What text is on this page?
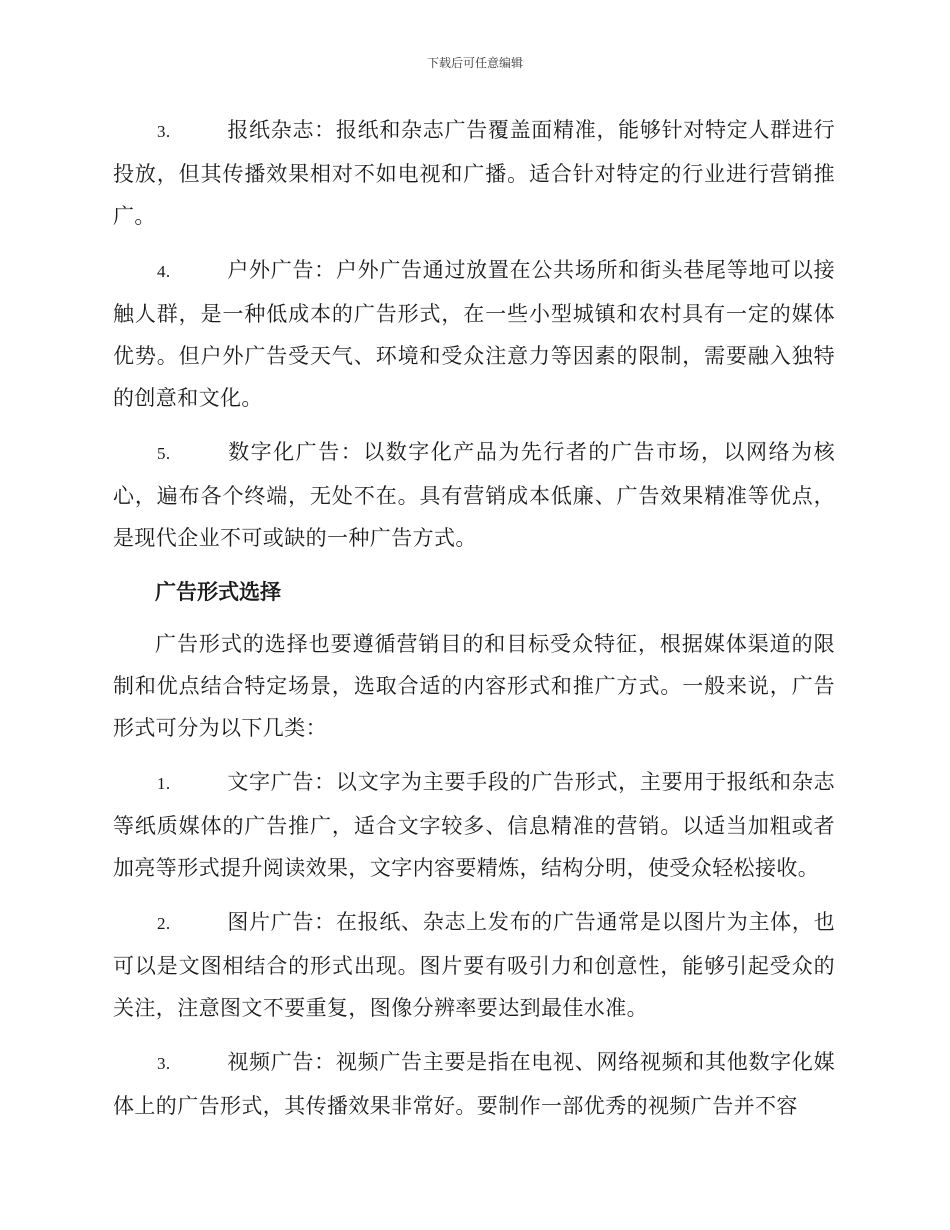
下载后可任意编辑

3.	报纸杂志：报纸和杂志广告覆盖面精准，能够针对特定人群进行投放，但其传播效果相对不如电视和广播。适合针对特定的行业进行营销推广。

4.	户外广告：户外广告通过放置在公共场所和街头巷尾等地可以接触人群，是一种低成本的广告形式，在一些小型城镇和农村具有一定的媒体优势。但户外广告受天气、环境和受众注意力等因素的限制，需要融入独特的创意和文化。

5.	数字化广告：以数字化产品为先行者的广告市场，以网络为核心，遍布各个终端，无处不在。具有营销成本低廉、广告效果精准等优点，是现代企业不可或缺的一种广告方式。

广告形式选择

广告形式的选择也要遵循营销目的和目标受众特征，根据媒体渠道的限制和优点结合特定场景，选取合适的内容形式和推广方式。一般来说，广告形式可分为以下几类：

1.	文字广告：以文字为主要手段的广告形式，主要用于报纸和杂志等纸质媒体的广告推广，适合文字较多、信息精准的营销。以适当加粗或者加亮等形式提升阅读效果，文字内容要精炼，结构分明，使受众轻松接收。

2.	图片广告：在报纸、杂志上发布的广告通常是以图片为主体，也可以是文图相结合的形式出现。图片要有吸引力和创意性，能够引起受众的关注，注意图文不要重复，图像分辨率要达到最佳水准。

3.	视频广告：视频广告主要是指在电视、网络视频和其他数字化媒体上的广告形式，其传播效果非常好。要制作一部优秀的视频广告并不容
